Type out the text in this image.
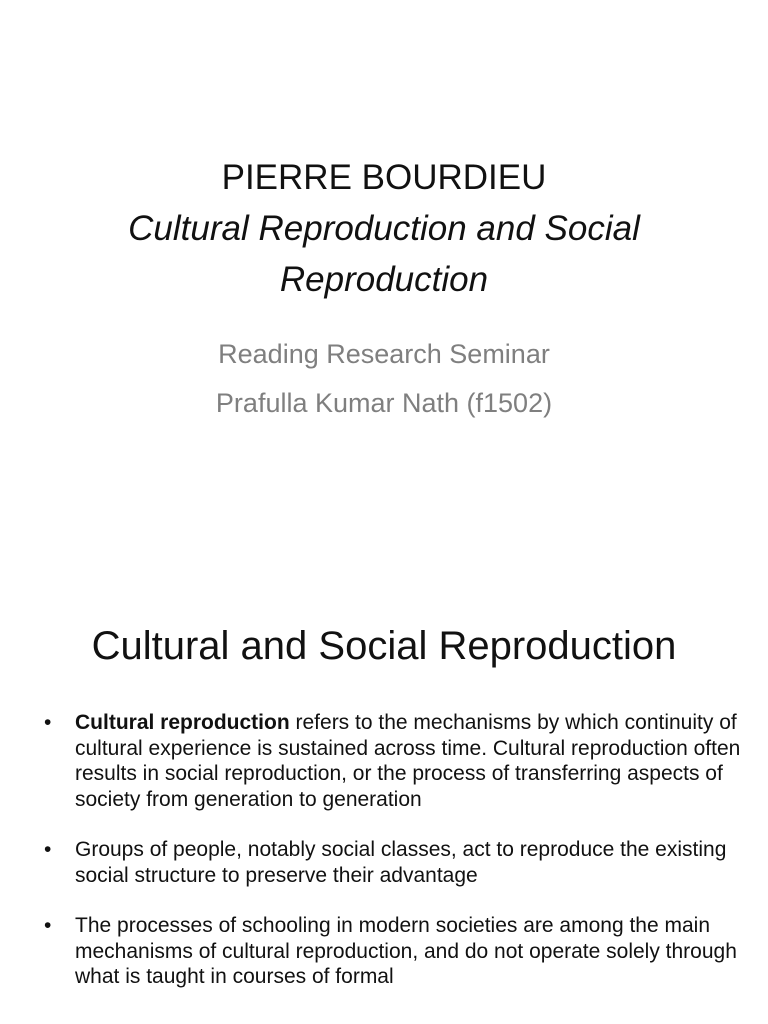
PIERRE BOURDIEU
Cultural Reproduction and Social
Reproduction
Reading Research Seminar
Prafulla Kumar Nath (f1502)
Cultural and Social Reproduction
• Cultural reproduction refers to the mechanisms by which continuity of cultural experience is sustained across time. Cultural reproduction often results in social reproduction, or the process of transferring aspects of society from generation to generation
• Groups of people, notably social classes, act to reproduce the existing social structure to preserve their advantage
• The processes of schooling in modern societies are among the main mechanisms of cultural reproduction, and do not operate solely through what is taught in courses of formal
